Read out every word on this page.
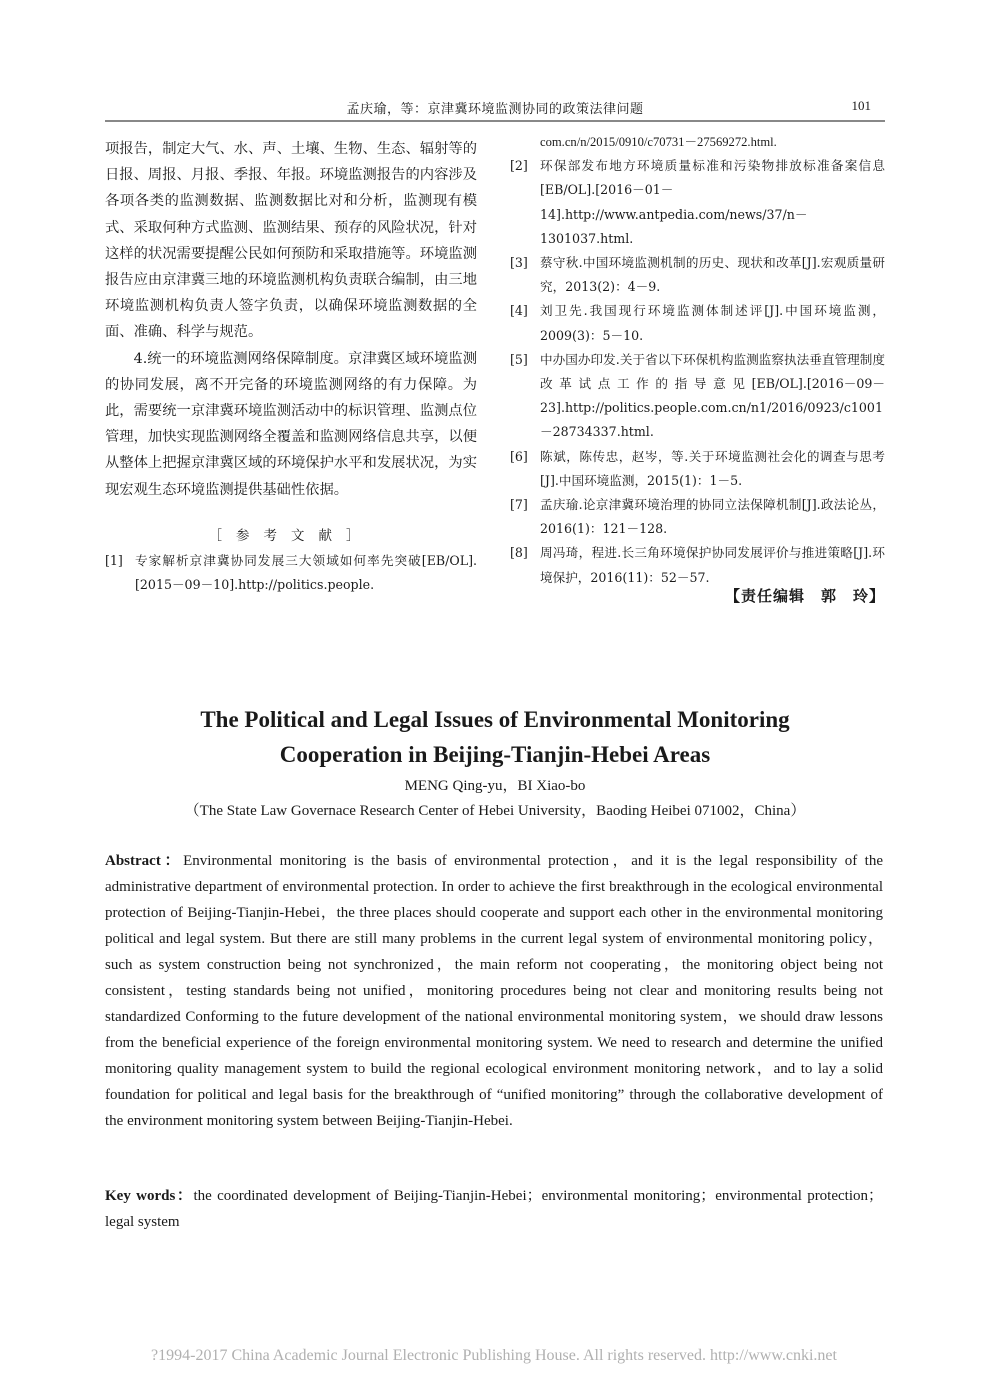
孟庆瑜，等：京津冀环境监测协同的政策法律问题	101

项报告，制定大气、水、声、土壤、生物、生态、辐射等的日报、周报、月报、季报、年报。环境监测报告的内容涉及各项各类的监测数据、监测数据比对和分析，监测现有模式、采取何种方式监测、监测结果、预存的风险状况，针对这样的状况需要提醒公民如何预防和采取措施等。环境监测报告应由京津冀三地的环境监测机构负责联合编制，由三地环境监测机构负责人签字负责，以确保环境监测数据的全面、准确、科学与规范。

4.统一的环境监测网络保障制度。京津冀区域环境监测的协同发展，离不开完备的环境监测网络的有力保障。为此，需要统一京津冀环境监测活动中的标识管理、监测点位管理，加快实现监测网络全覆盖和监测网络信息共享，以便从整体上把握京津冀区域的环境保护水平和发展状况，为实现宏观生态环境监测提供基础性依据。

［参考文献］
[1] 专家解析京津冀协同发展三大领域如何率先突破[EB/OL].[2015－09－10].http://politics.people.
com.cn/n/2015/0910/c70731－27569272.html.
[2] 环保部发布地方环境质量标准和污染物排放标准备案信息[EB/OL].[2016－01－14].http://www.antpedia.com/news/37/n－1301037.html.
[3] 蔡守秋.中国环境监测机制的历史、现状和改革[J].宏观质量研究，2013(2)：4－9.
[4] 刘卫先.我国现行环境监测体制述评[J].中国环境监测，2009(3)：5－10.
[5] 中办国办印发.关于省以下环保机构监测监察执法垂直管理制度改革试点工作的指导意见[EB/OL].[2016－09－23].http://politics.people.com.cn/n1/2016/0923/c1001－28734337.html.
[6] 陈斌，陈传忠，赵岑，等.关于环境监测社会化的调查与思考[J].中国环境监测，2015(1)：1－5.
[7] 孟庆瑜.论京津冀环境治理的协同立法保障机制[J].政法论丛，2016(1)：121－128.
[8] 周冯琦，程进.长三角环境保护协同发展评价与推进策略[J].环境保护，2016(11)：52－57.
【责任编辑　郭　玲】
The Political and Legal Issues of Environmental Monitoring
Cooperation in Beijing-Tianjin-Hebei Areas
MENG Qing-yu，BI Xiao-bo
（The State Law Governace Research Center of Hebei University，Baoding Heibei 071002，China）

Abstract：Environmental monitoring is the basis of environmental protection，and it is the legal responsibility of the administrative department of environmental protection. In order to achieve the first breakthrough in the ecological environmental protection of Beijing-Tianjin-Hebei，the three places should cooperate and support each other in the environmental monitoring political and legal system. But there are still many problems in the current legal system of environmental monitoring policy，such as system construction being not synchronized，the main reform not cooperating，the monitoring object being not consistent，testing standards being not unified，monitoring procedures being not clear and monitoring results being not standardized Conforming to the future development of the national environmental monitoring system，we should draw lessons from the beneficial experience of the foreign environmental monitoring system. We need to research and determine the unified monitoring quality management system to build the regional ecological environment monitoring network，and to lay a solid foundation for political and legal basis for the breakthrough of “unified monitoring” through the collaborative development of the environment monitoring system between Beijing-Tianjin-Hebei.

Key words：the coordinated development of Beijing-Tianjin-Hebei；environmental monitoring；environmental protection；legal system

?1994-2017 China Academic Journal Electronic Publishing House. All rights reserved. http://www.cnki.net
